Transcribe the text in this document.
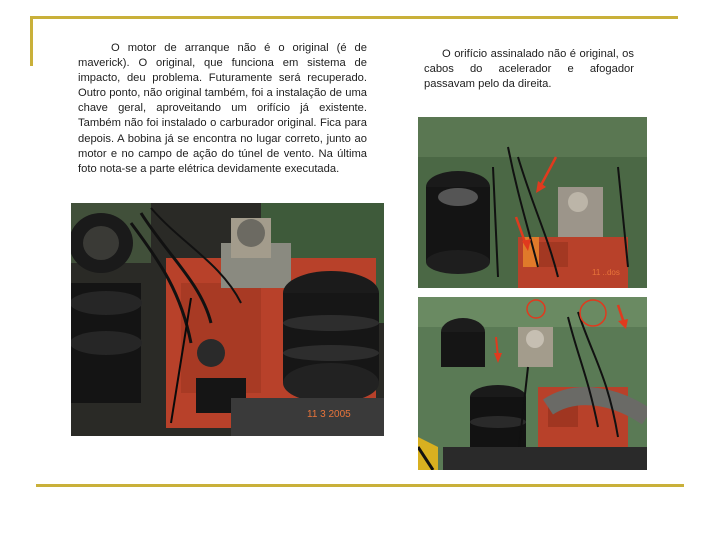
O motor de arranque não é o original (é de maverick). O original, que funciona em sistema de impacto, deu problema. Futuramente será recuperado. Outro ponto, não original também, foi a instalação de uma chave geral, aproveitando um orifício já existente. Também não foi instalado o carburador original. Fica para depois. A bobina já se encontra no lugar correto, junto ao motor e no campo de ação do túnel de vento. Na última foto nota-se a parte elétrica devidamente executada.
O orifício assinalado não é original, os cabos do acelerador e afogador passavam pelo da direita.
11 3 2005
11 ..dos
